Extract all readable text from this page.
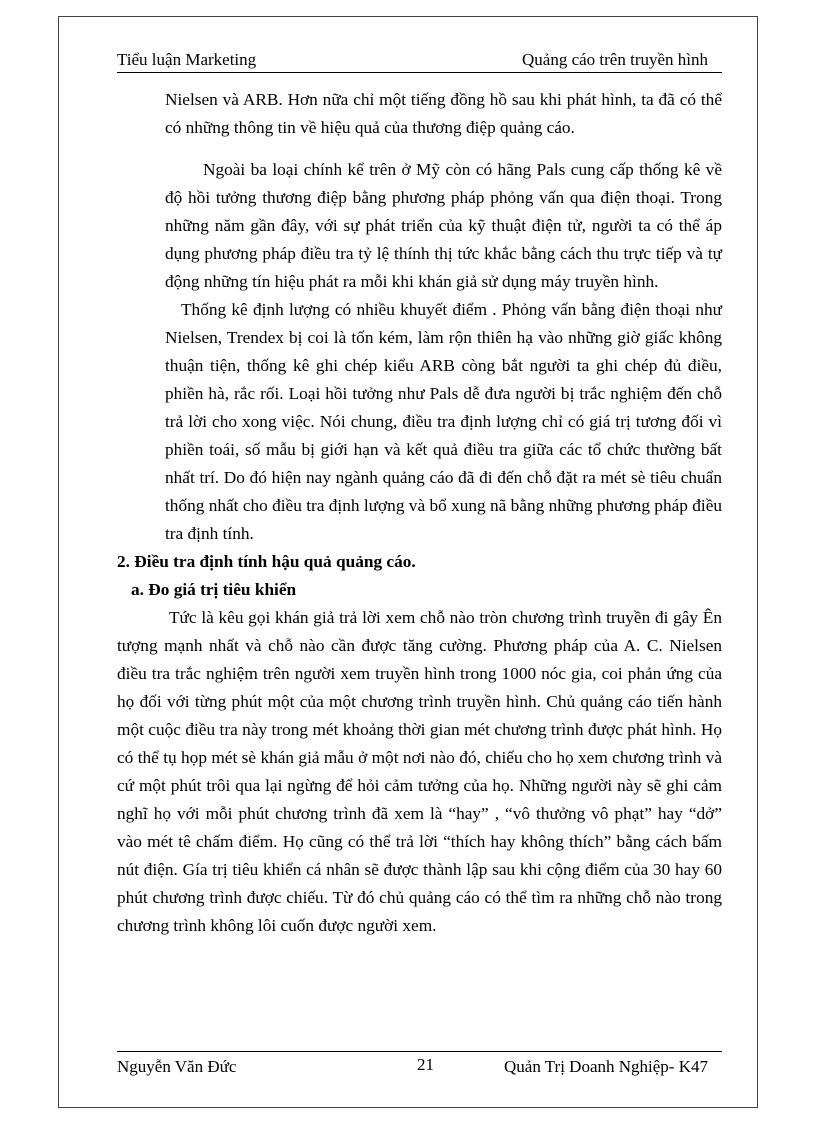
Tiểu luận Marketing	Quảng cáo trên truyền hình

Nielsen và ARB. Hơn nữa chỉ một tiếng đồng hồ sau khi phát hình, ta đã có thể có những thông tin về hiệu quả của thương điệp quảng cáo.

Ngoài ba loại chính kể trên ở Mỹ còn có hãng Pals cung cấp thống kê về độ hồi tưởng thương điệp bằng phương pháp phỏng vấn qua điện thoại. Trong những năm gần đây, với sự phát triển của kỹ thuật điện tử, người ta có thể áp dụng phương pháp điều tra tỷ lệ thính thị tức khắc bằng cách thu trực tiếp và tự động những tín hiệu phát ra mỗi khi khán giả sử dụng máy truyền hình.

Thống kê định lượng có nhiều khuyết điểm . Phỏng vấn bằng điện thoại như Nielsen, Trendex bị coi là tốn kém, làm rộn thiên hạ vào những giờ giấc không thuận tiện, thống kê ghi chép kiểu ARB còng bắt người ta ghi chép đủ điều, phiền hà, rắc rối. Loại hồi tưởng như Pals dễ đưa người bị trắc nghiệm đến chỗ trả lời cho xong việc. Nói chung, điều tra định lượng chỉ có giá trị tương đối vì phiền toái, số mẫu bị giới hạn và kết quả điều tra giữa các tổ chức thường bất nhất trí. Do đó hiện nay ngành quảng cáo đã đi đến chỗ đặt ra mét sè tiêu chuẩn thống nhất cho điều tra định lượng và bổ xung nã bằng những phương pháp điều tra định tính.

2. Điều tra định tính hậu quả quảng cáo.

a. Đo giá trị tiêu khiển

Tức là kêu gọi khán giả trả lời xem chỗ nào tròn chương trình truyền đi gây Ên tượng mạnh nhất và chỗ nào cần được tăng cường. Phương pháp của A. C. Nielsen điều tra trắc nghiệm trên người xem truyền hình trong 1000 nóc gia, coi phản ứng của họ đối với từng phút một của một chương trình truyền hình. Chủ quảng cáo tiến hành một cuộc điều tra này trong mét khoảng thời gian mét chương trình được phát hình. Họ có thể tụ họp mét sè khán giả mẫu ở một nơi nào đó, chiếu cho họ xem chương trình và cứ một phút trôi qua lại ngừng để hỏi cảm tưởng của họ. Những người này sẽ ghi cảm nghĩ họ với mỗi phút chương trình đã xem là “hay” , “vô thưởng vô phạt” hay “dở” vào mét tê chấm điểm. Họ cũng có thể trả lời “thích hay không thích” bằng cách bấm nút điện. Gía trị tiêu khiển cá nhân sẽ được thành lập sau khi cộng điểm của 30 hay 60 phút chương trình được chiếu. Từ đó chủ quảng cáo có thể tìm ra những chỗ nào trong chương trình không lôi cuốn được người xem.

Nguyễn Văn Đức	21	Quản Trị Doanh Nghiệp- K47
